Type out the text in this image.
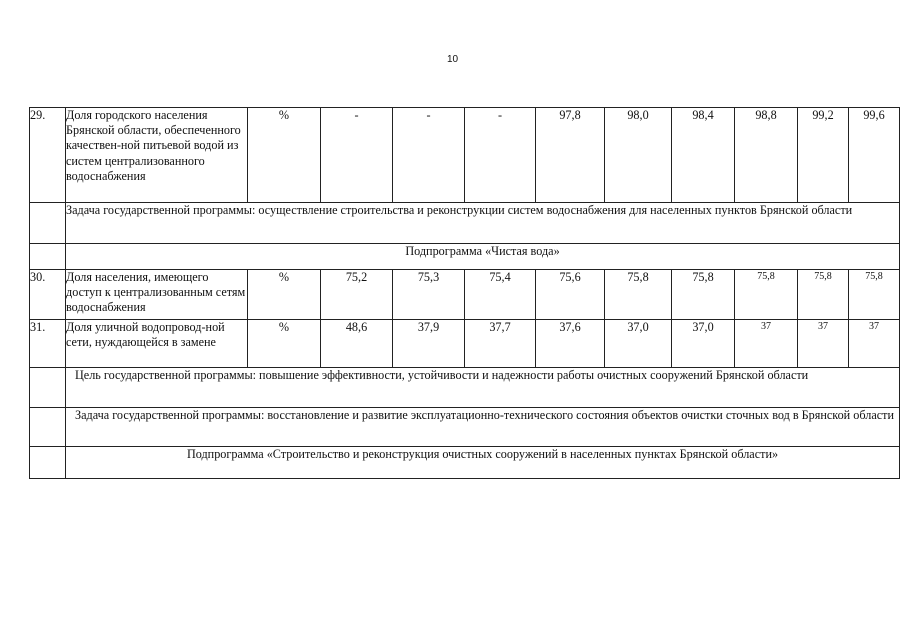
10
29.	Доля городского населения Брянской области, обеспеченного качествен-ной питьевой водой из систем централизованного водоснабжения	%	-	-	-	97,8	98,0	98,4	98,8	99,2	99,6
	Задача государственной программы: осуществление строительства и реконструкции систем водоснабжения для населенных пунктов Брянской области										
	Подпрограмма «Чистая вода»										
30.	Доля населения, имеющего доступ к централизованным сетям водоснабжения	%	75,2	75,3	75,4	75,6	75,8	75,8	75,8	75,8	75,8
31.	Доля уличной водопровод-ной сети, нуждающейся в замене	%	48,6	37,9	37,7	37,6	37,0	37,0	37	37	37
	Цель государственной программы: повышение эффективности, устойчивости и надежности работы очистных сооружений Брянской области										
	Задача государственной программы: восстановление и развитие эксплуатационно-технического состояния объектов очистки сточных вод в Брянской области										
	Подпрограмма «Строительство и реконструкция очистных сооружений в населенных пунктах Брянской области»										
